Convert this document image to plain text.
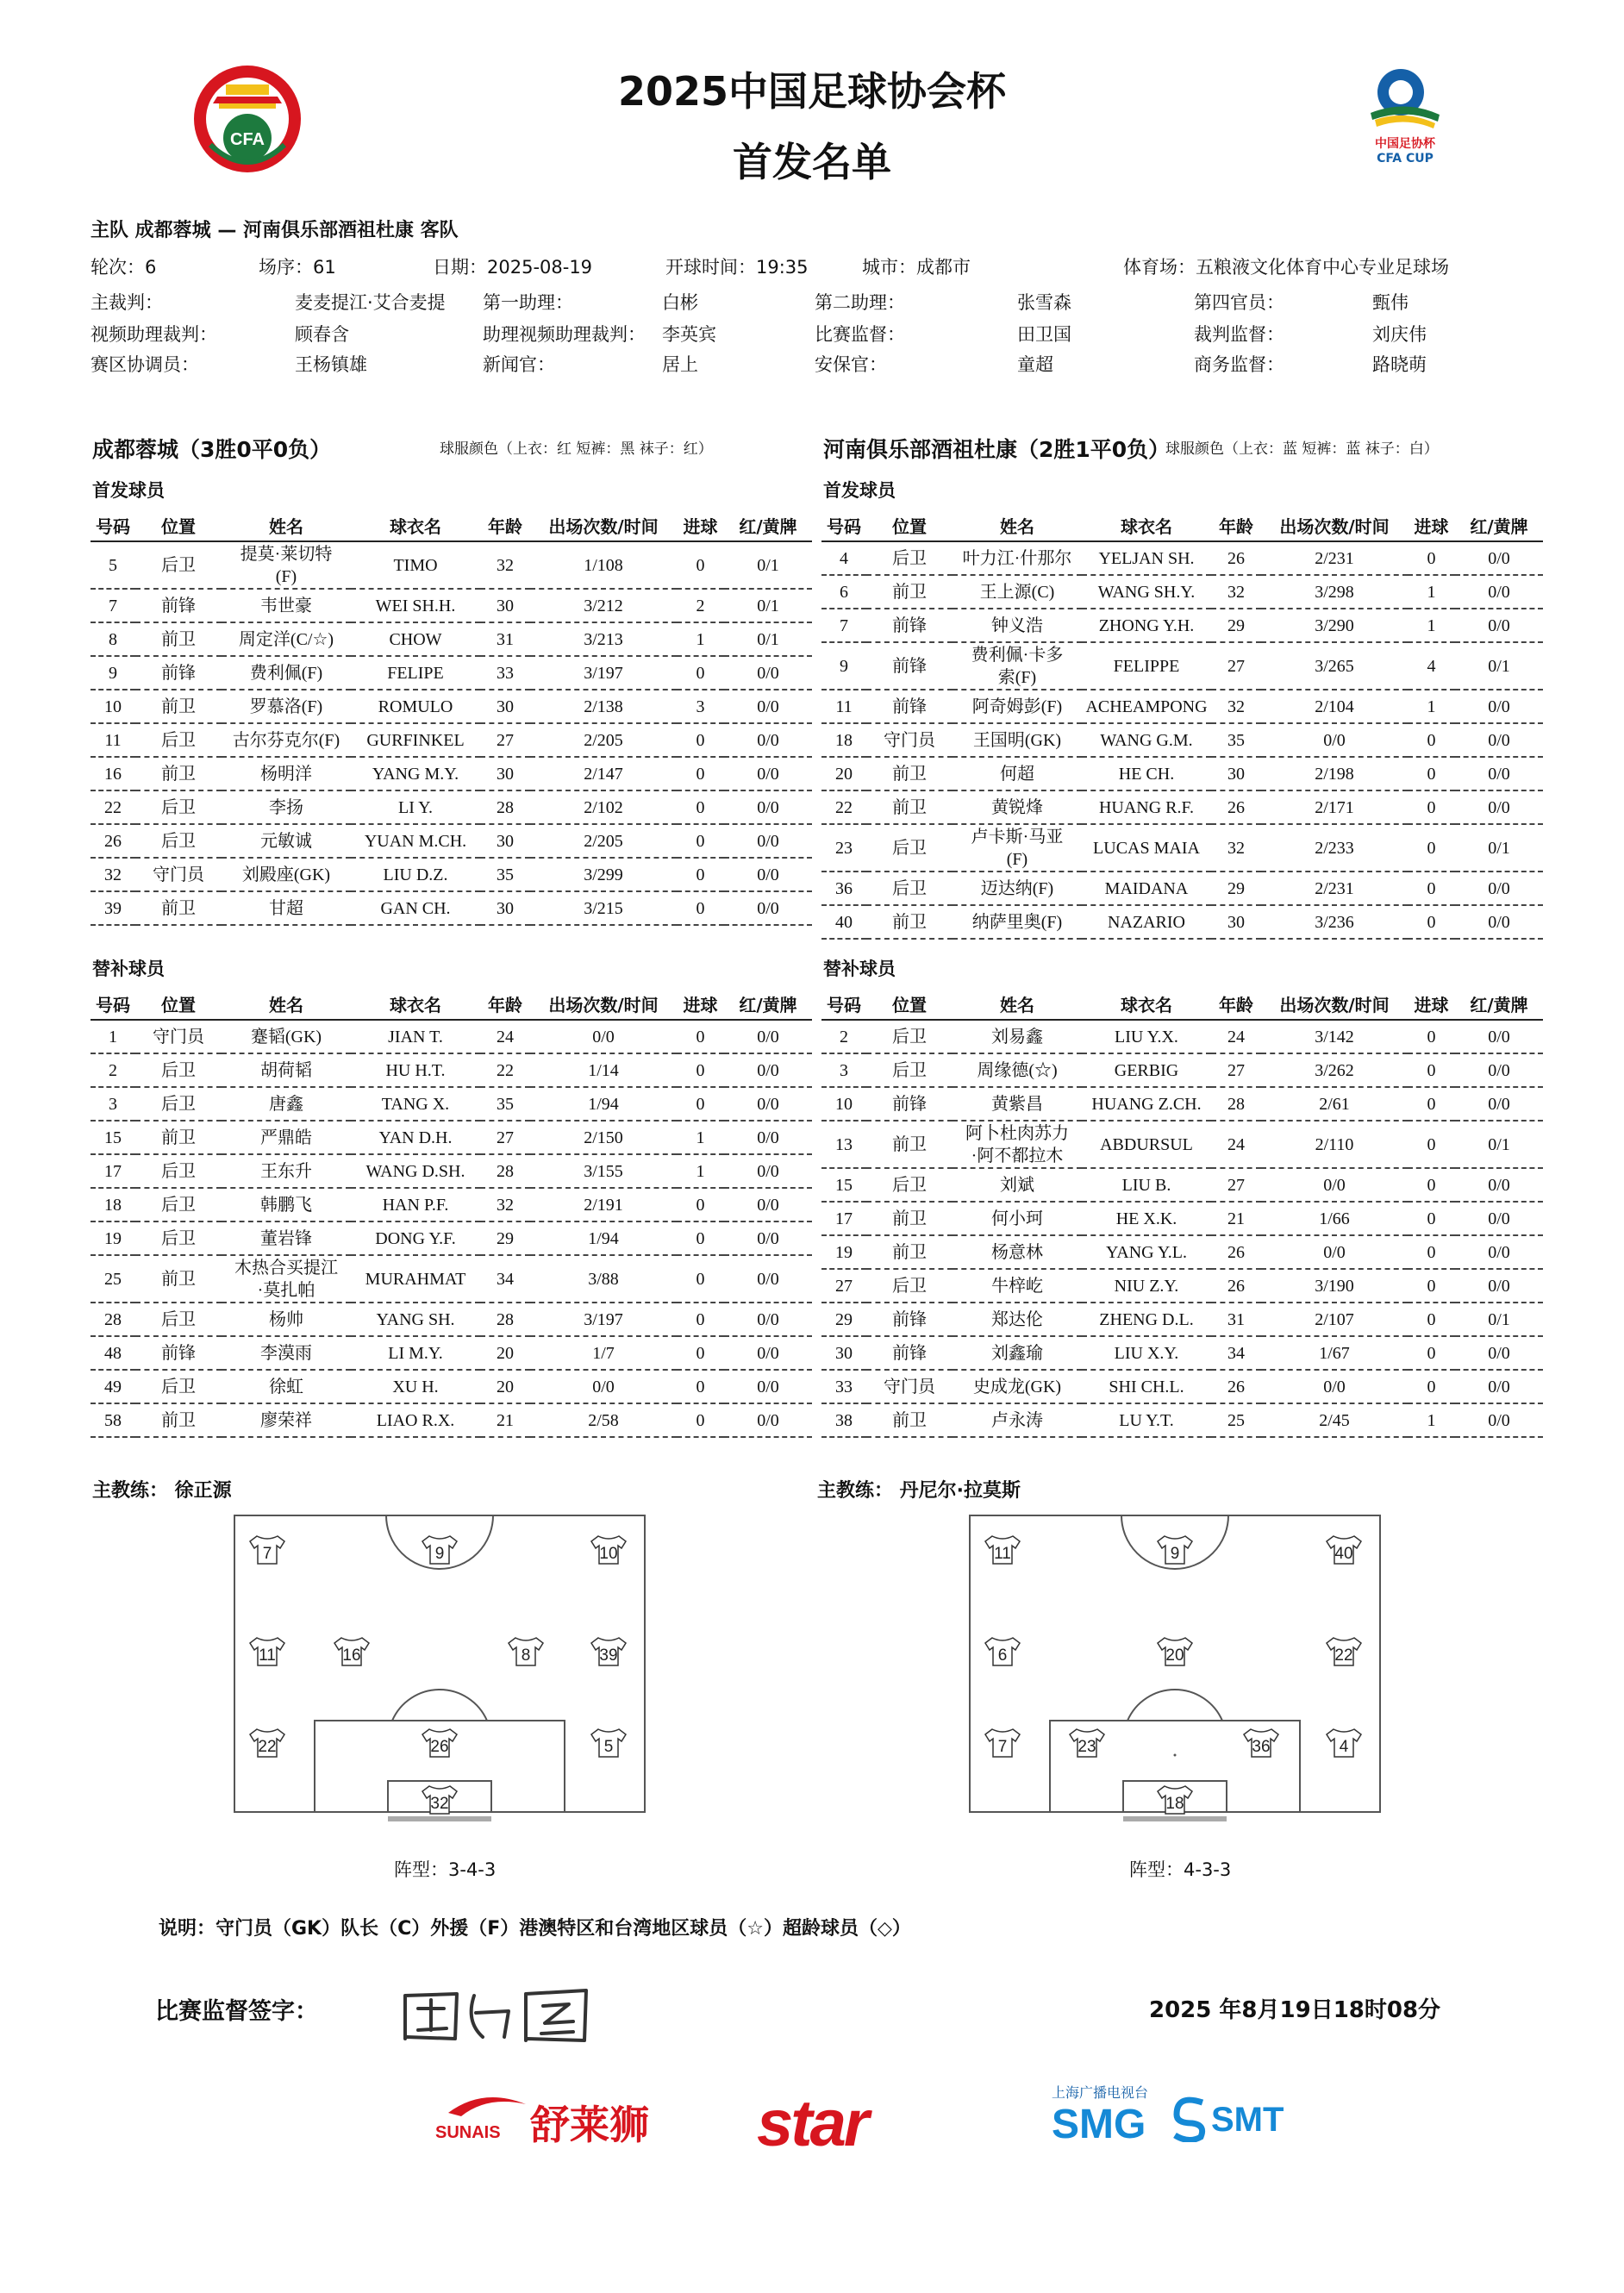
CFA	中国足协杯
CFA CUP
2025中国足球协会杯
首发名单
主队 成都蓉城 — 河南俱乐部酒祖杜康 客队
轮次：6	场序：61	日期：2025-08-19	开球时间：19:35	城市：成都市	体育场：五粮液文化体育中心专业足球场
主裁判：	麦麦提江·艾合麦提 第一助理：	白彬	第二助理：	张雪森	第四官员：	甄伟
视频助理裁判：	顾春含	助理视频助理裁判： 李英宾	比赛监督：	田卫国	裁判监督：	刘庆伟
赛区协调员：	王杨镇雄	新闻官：	居上	安保官：	童超	商务监督：	路晓萌
成都蓉城（3胜0平0负）	球服颜色（上衣：红 短裤：黑 袜子：红）	河南俱乐部酒祖杜康（2胜1平0负）
球服颜色（上衣：蓝 短裤：蓝 袜子：白）
首发球员	首发球员
替补球员	替补球员
号码	位置	姓名	球衣名	年龄	出场次数/时间	进球	红/黄牌
5	后卫	提莫·莱切特(F)	TIMO	32	1/108	0	0/1
7	前锋	韦世豪	WEI SH.H.	30	3/212	2	0/1
8	前卫	周定洋(C/☆)	CHOW	31	3/213	1	0/1
9	前锋	费利佩(F)	FELIPE	33	3/197	0	0/0
10	前卫	罗慕洛(F)	ROMULO	30	2/138	3	0/0
11	后卫	古尔芬克尔(F)	GURFINKEL	27	2/205	0	0/0
16	前卫	杨明洋	YANG M.Y.	30	2/147	0	0/0
22	后卫	李扬	LI Y.	28	2/102	0	0/0
26	后卫	元敏诚	YUAN M.CH.	30	2/205	0	0/0
32	守门员	刘殿座(GK)	LIU D.Z.	35	3/299	0	0/0
39	前卫	甘超	GAN CH.	30	3/215	0	0/0
号码	位置	姓名	球衣名	年龄	出场次数/时间	进球	红/黄牌
4	后卫	叶力江·什那尔	YELJAN SH.	26	2/231	0	0/0
6	前卫	王上源(C)	WANG SH.Y.	32	3/298	1	0/0
7	前锋	钟义浩	ZHONG Y.H.	29	3/290	1	0/0
9	前锋	费利佩·卡多索(F)	FELIPPE	27	3/265	4	0/1
11	前锋	阿奇姆彭(F)	ACHEAMPONG	32	2/104	1	0/0
18	守门员	王国明(GK)	WANG G.M.	35	0/0	0	0/0
20	前卫	何超	HE CH.	30	2/198	0	0/0
22	前卫	黄锐烽	HUANG R.F.	26	2/171	0	0/0
23	后卫	卢卡斯·马亚(F)	LUCAS MAIA	32	2/233	0	0/1
36	后卫	迈达纳(F)	MAIDANA	29	2/231	0	0/0
40	前卫	纳萨里奥(F)	NAZARIO	30	3/236	0	0/0
号码	位置	姓名	球衣名	年龄	出场次数/时间	进球	红/黄牌
1	守门员	蹇韬(GK)	JIAN T.	24	0/0	0	0/0
2	后卫	胡荷韬	HU H.T.	22	1/14	0	0/0
3	后卫	唐鑫	TANG X.	35	1/94	0	0/0
15	前卫	严鼎皓	YAN D.H.	27	2/150	1	0/0
17	后卫	王东升	WANG D.SH.	28	3/155	1	0/0
18	后卫	韩鹏飞	HAN P.F.	32	2/191	0	0/0
19	后卫	董岩锋	DONG Y.F.	29	1/94	0	0/0
25	前卫	木热合买提江·莫扎帕	MURAHMAT	34	3/88	0	0/0
28	后卫	杨帅	YANG SH.	28	3/197	0	0/0
48	前锋	李漠雨	LI M.Y.	20	1/7	0	0/0
49	后卫	徐虹	XU H.	20	0/0	0	0/0
58	前卫	廖荣祥	LIAO R.X.	21	2/58	0	0/0
号码	位置	姓名	球衣名	年龄	出场次数/时间	进球	红/黄牌
2	后卫	刘易鑫	LIU Y.X.	24	3/142	0	0/0
3	后卫	周缘德(☆)	GERBIG	27	3/262	0	0/0
10	前锋	黄紫昌	HUANG Z.CH.	28	2/61	0	0/0
13	前卫	阿卜杜肉苏力·阿不都拉木	ABDURSUL	24	2/110	0	0/1
15	后卫	刘斌	LIU B.	27	0/0	0	0/0
17	前卫	何小珂	HE X.K.	21	1/66	0	0/0
19	前卫	杨意林	YANG Y.L.	26	0/0	0	0/0
27	后卫	牛梓屹	NIU Z.Y.	26	3/190	0	0/0
29	前锋	郑达伦	ZHENG D.L.	31	2/107	0	0/1
30	前锋	刘鑫瑜	LIU X.Y.	34	1/67	0	0/0
33	守门员	史成龙(GK)	SHI CH.L.	26	0/0	0	0/0
38	前卫	卢永涛	LU Y.T.	25	2/45	1	0/0
主教练： 徐正源	主教练： 丹尼尔·拉莫斯
7	9	10
11	16	8	39
22	26	5
32
11	9	40
6	20	22
7	23	36	4
18
阵型：3-4-3	阵型：4-3-3
说明：守门员（GK）队长（C）外援（F）港澳特区和台湾地区球员（☆）超龄球员（◇）
比赛监督签字：	2025 年8月19日18时08分
SUNAIS 舒莱狮 star	上海广播电视台
SMG SMT
